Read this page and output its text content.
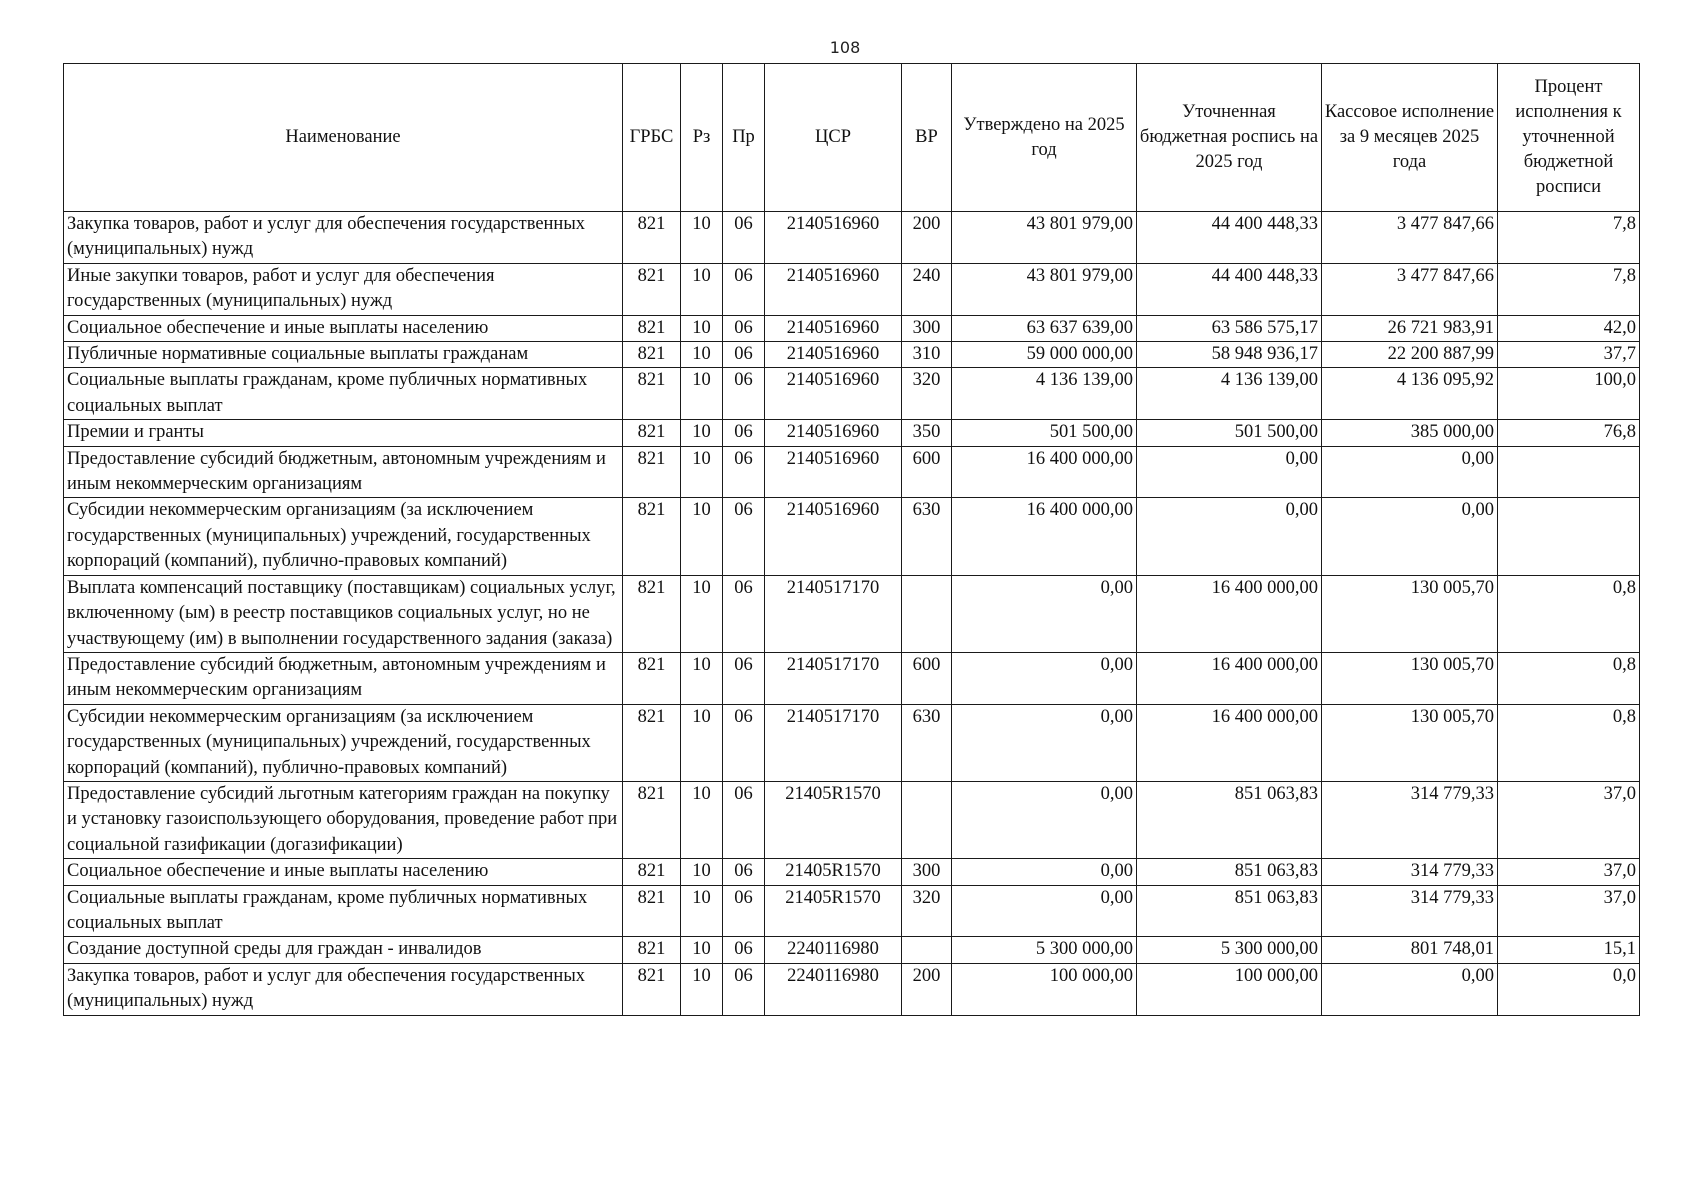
108
Наименование	ГРБС	Рз	Пр	ЦСР	ВР	Утверждено на 2025 год	Уточненная бюджетная роспись на 2025 год	Кассовое исполнение за 9 месяцев 2025 года	Процент исполнения к уточненной бюджетной росписи
Закупка товаров, работ и услуг для обеспечения государственных (муниципальных) нужд	821	10	06	2140516960	200	43 801 979,00	44 400 448,33	3 477 847,66	7,8
Иные закупки товаров, работ и услуг для обеспечения государственных (муниципальных) нужд	821	10	06	2140516960	240	43 801 979,00	44 400 448,33	3 477 847,66	7,8
Социальное обеспечение и иные выплаты населению	821	10	06	2140516960	300	63 637 639,00	63 586 575,17	26 721 983,91	42,0
Публичные нормативные социальные выплаты гражданам	821	10	06	2140516960	310	59 000 000,00	58 948 936,17	22 200 887,99	37,7
Социальные выплаты гражданам, кроме публичных нормативных социальных выплат	821	10	06	2140516960	320	4 136 139,00	4 136 139,00	4 136 095,92	100,0
Премии и гранты	821	10	06	2140516960	350	501 500,00	501 500,00	385 000,00	76,8
Предоставление субсидий бюджетным, автономным учреждениям и иным некоммерческим организациям	821	10	06	2140516960	600	16 400 000,00	0,00	0,00	
Субсидии некоммерческим организациям (за исключением государственных (муниципальных) учреждений, государственных корпораций (компаний), публично-правовых компаний)	821	10	06	2140516960	630	16 400 000,00	0,00	0,00	
Выплата компенсаций поставщику (поставщикам) социальных услуг, включенному (ым) в реестр поставщиков социальных услуг, но не участвующему (им) в выполнении государственного задания (заказа)	821	10	06	2140517170		0,00	16 400 000,00	130 005,70	0,8
Предоставление субсидий бюджетным, автономным учреждениям и иным некоммерческим организациям	821	10	06	2140517170	600	0,00	16 400 000,00	130 005,70	0,8
Субсидии некоммерческим организациям (за исключением государственных (муниципальных) учреждений, государственных корпораций (компаний), публично-правовых компаний)	821	10	06	2140517170	630	0,00	16 400 000,00	130 005,70	0,8
Предоставление субсидий льготным категориям граждан на покупку и установку газоиспользующего оборудования, проведение работ при социальной газификации (догазификации)	821	10	06	21405R1570		0,00	851 063,83	314 779,33	37,0
Социальное обеспечение и иные выплаты населению	821	10	06	21405R1570	300	0,00	851 063,83	314 779,33	37,0
Социальные выплаты гражданам, кроме публичных нормативных социальных выплат	821	10	06	21405R1570	320	0,00	851 063,83	314 779,33	37,0
Создание доступной среды для граждан - инвалидов	821	10	06	2240116980		5 300 000,00	5 300 000,00	801 748,01	15,1
Закупка товаров, работ и услуг для обеспечения государственных (муниципальных) нужд	821	10	06	2240116980	200	100 000,00	100 000,00	0,00	0,0
